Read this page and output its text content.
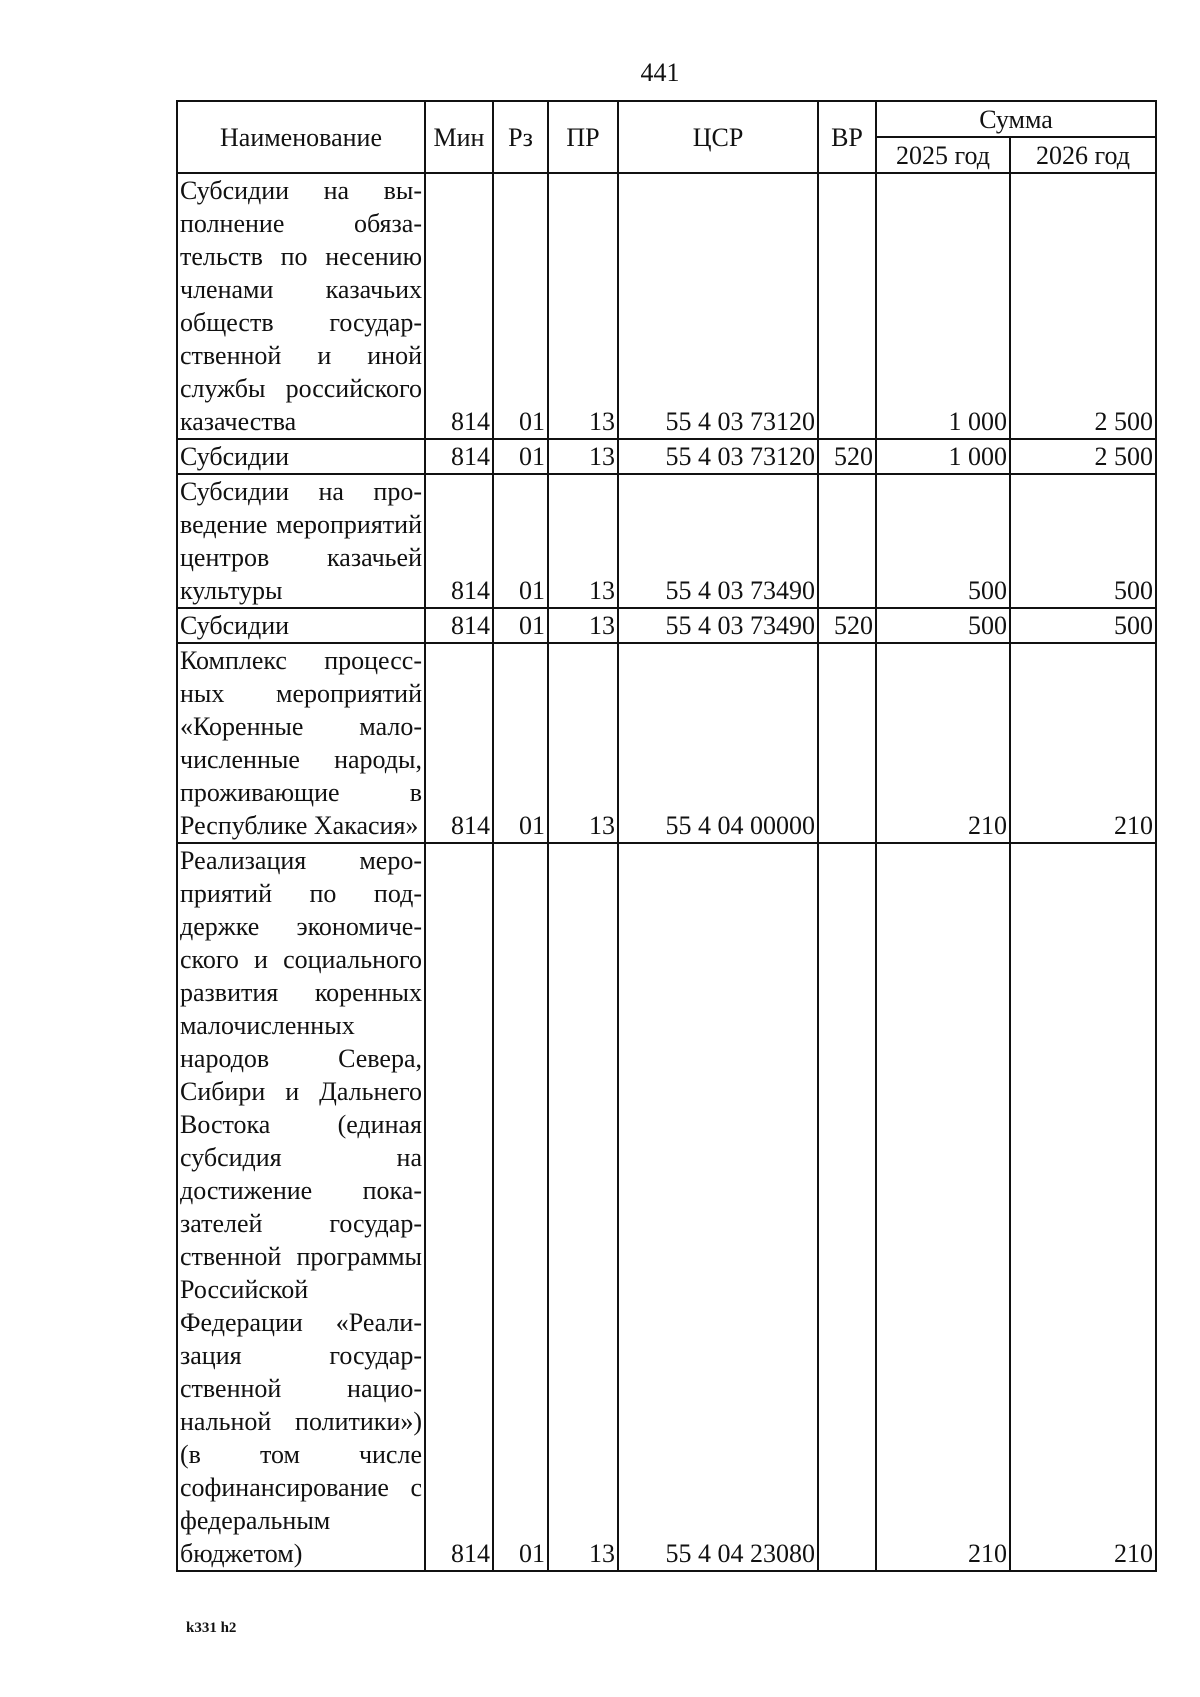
441
Наименование	Мин	Рз	ПР	ЦСР	ВР	Сумма	
						2025 год	2026 год
Субсидии на выполнение обязательств по несению членами казачьих обществ государственной и иной службы российского казачества	814	01	13	55 4 03 73120		1 000	2 500
Субсидии	814	01	13	55 4 03 73120	520	1 000	2 500
Субсидии на проведение мероприятий центров казачьей культуры	814	01	13	55 4 03 73490		500	500
Субсидии	814	01	13	55 4 03 73490	520	500	500
Комплекс процессных мероприятий «Коренные малочисленные народы, проживающие в Республике Хакасия»	814	01	13	55 4 04 00000		210	210
Реализация мероприятий по поддержке экономического и социального развития коренных малочисленных народов Севера, Сибири и Дальнего Востока (единая субсидия на достижение показателей государственной программы Российской Федерации «Реализация государственной национальной политики») (в том числе софинансирование с федеральным бюджетом)	814	01	13	55 4 04 23080		210	210
k331 h2
